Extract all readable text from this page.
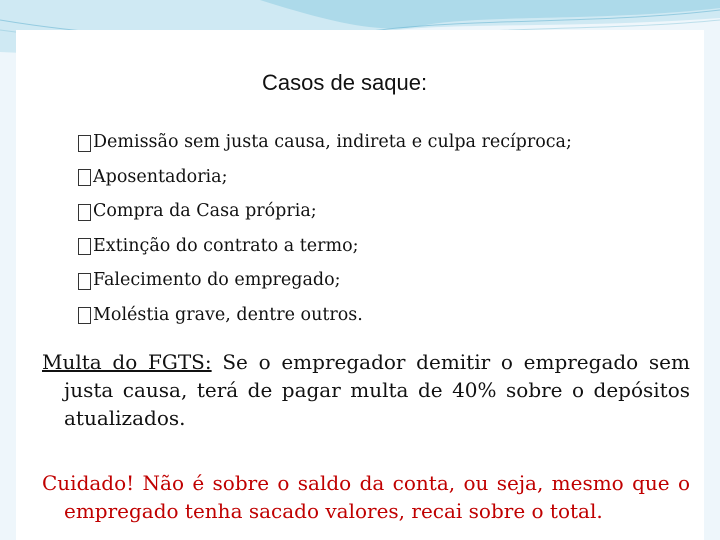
Casos de saque:
Demissão sem justa causa, indireta e culpa recíproca;
Aposentadoria;
Compra da Casa própria;
Extinção do contrato a termo;
Falecimento do empregado;
Moléstia grave, dentre outros.

Multa do FGTS: Se o empregador demitir o empregado sem justa causa, terá de pagar multa de 40% sobre o depósitos atualizados.

Cuidado! Não é sobre o saldo da conta, ou seja, mesmo que o empregado tenha sacado valores, recai sobre o total.
